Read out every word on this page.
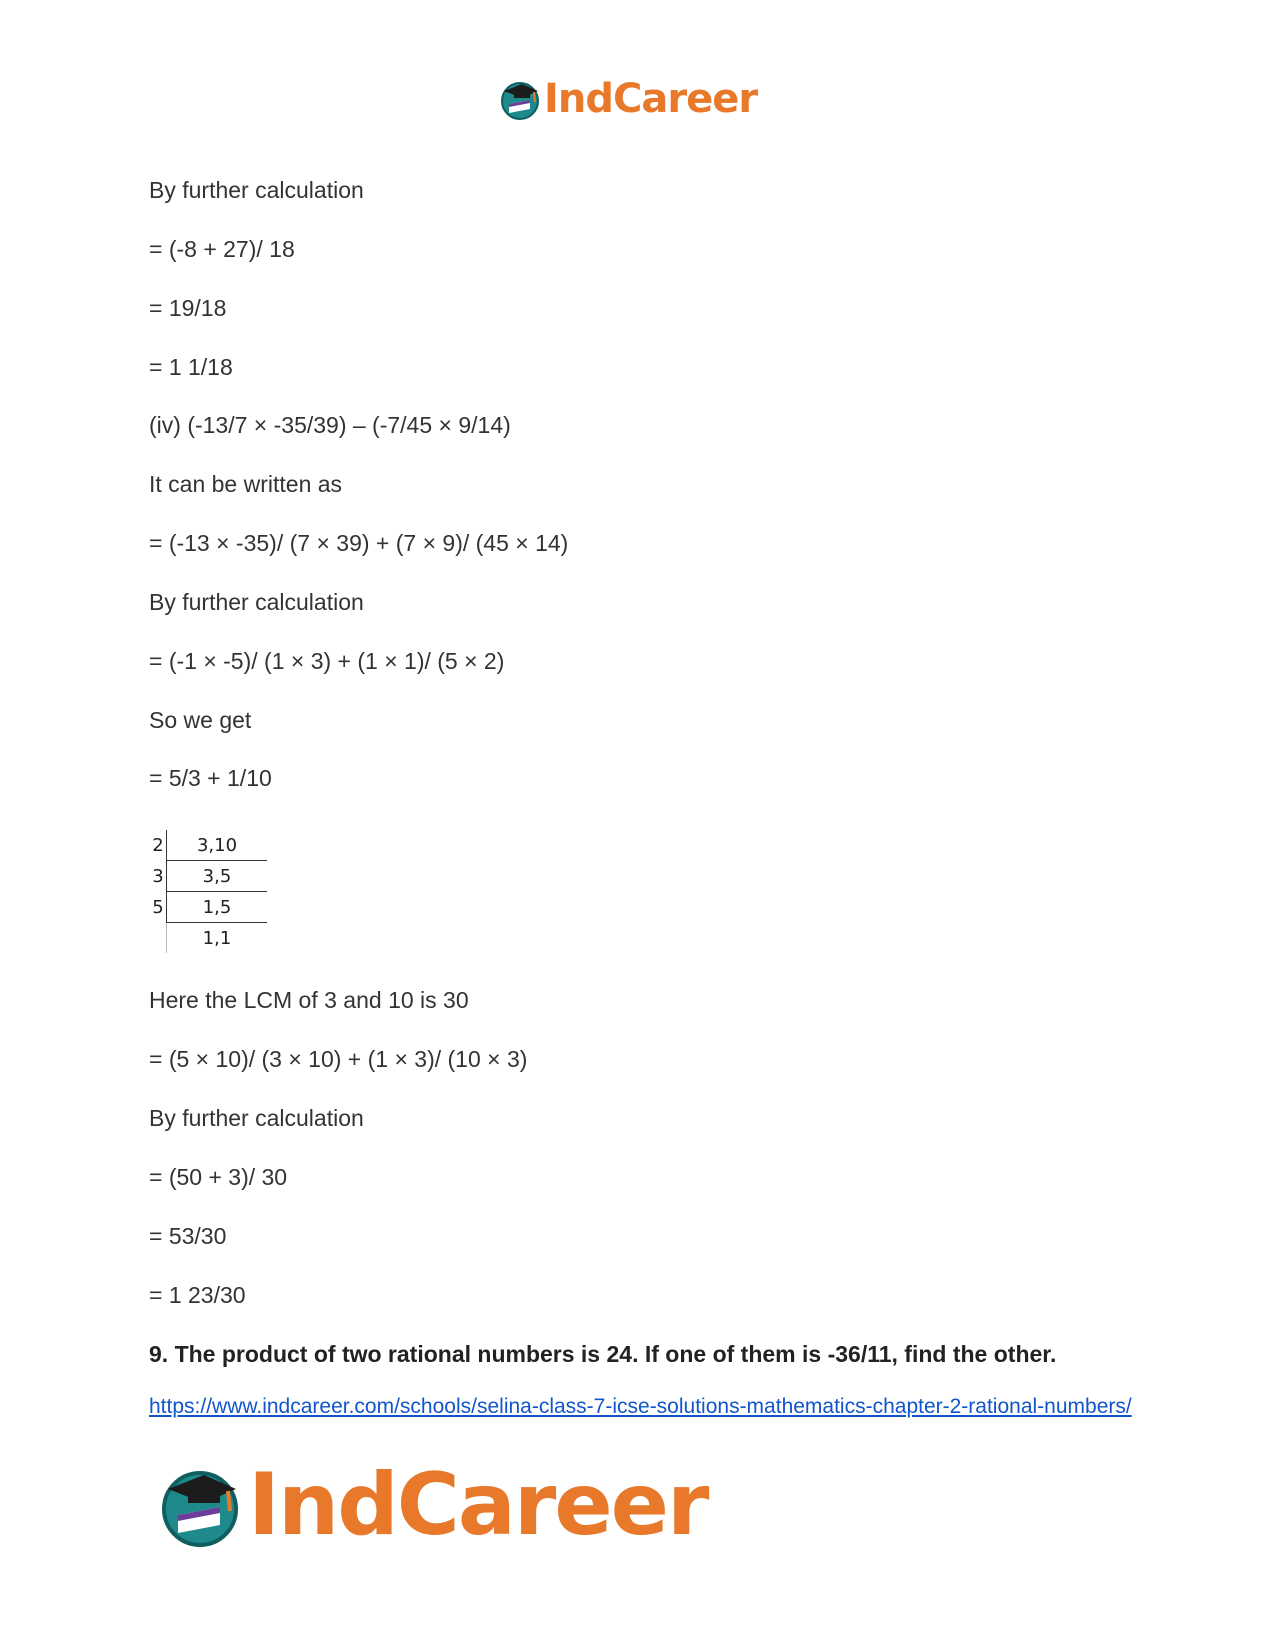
IndCareer
By further calculation
= (-8 + 27)/ 18
= 19/18
= 1 1/18
(iv) (-13/7 × -35/39) – (-7/45 × 9/14)
It can be written as
= (-13 × -35)/ (7 × 39) + (7 × 9)/ (45 × 14)
By further calculation
= (-1 × -5)/ (1 × 3) + (1 × 1)/ (5 × 2)
So we get
= 5/3 + 1/10
2	3,10
3	3,5
5	1,5
	1,1
Here the LCM of 3 and 10 is 30
= (5 × 10)/ (3 × 10) + (1 × 3)/ (10 × 3)
By further calculation
= (50 + 3)/ 30
= 53/30
= 1 23/30
9. The product of two rational numbers is 24. If one of them is -36/11, find the other.
https://www.indcareer.com/schools/selina-class-7-icse-solutions-mathematics-chapter-2-rational-numbers/
IndCareer
